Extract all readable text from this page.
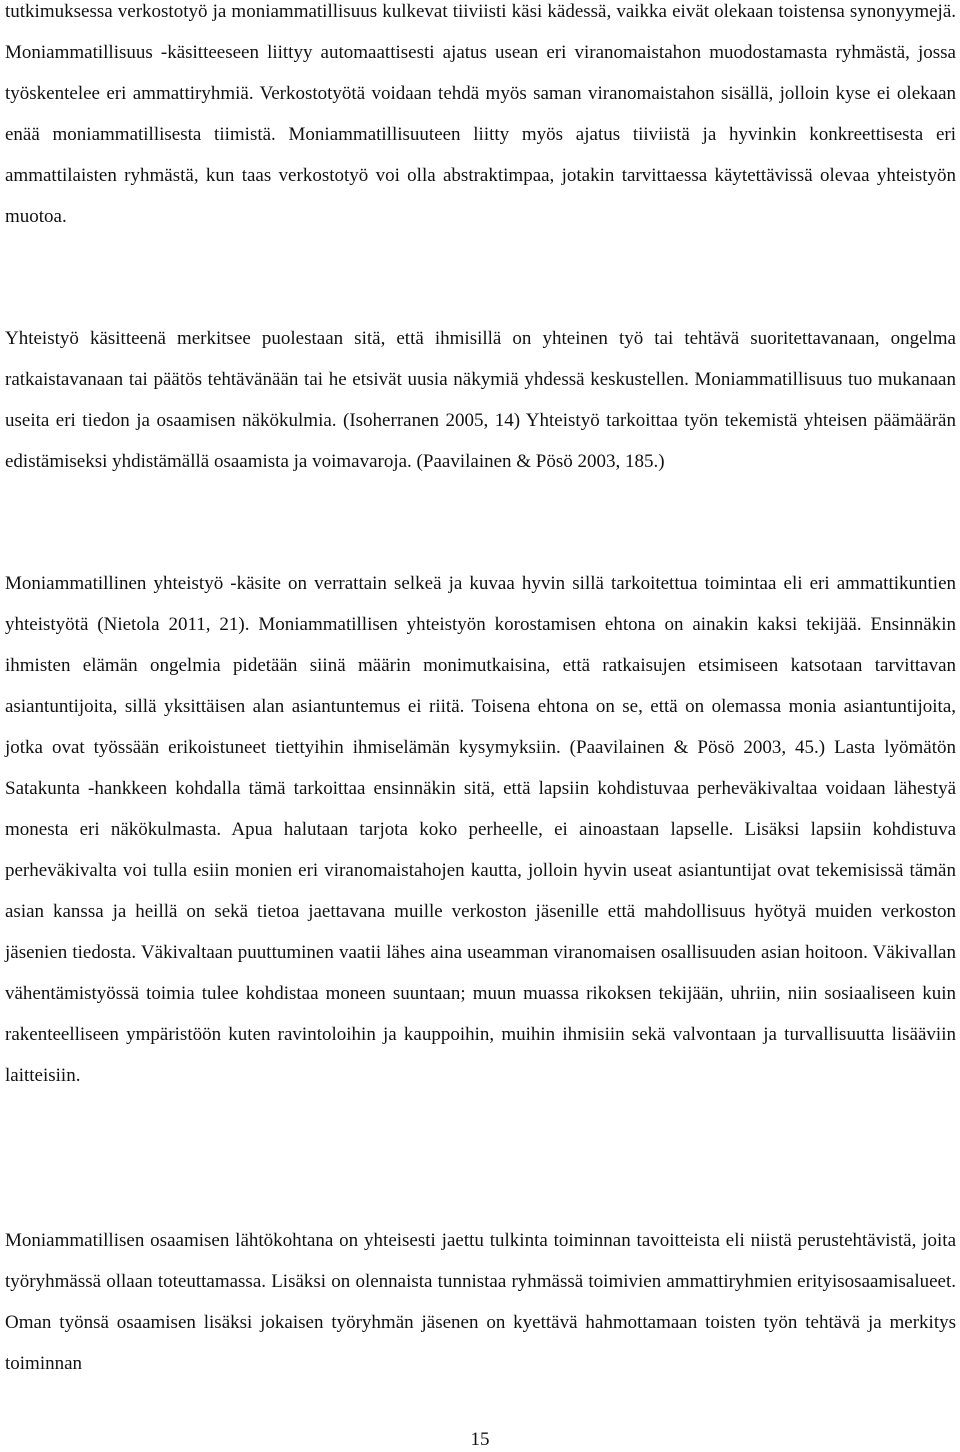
tutkimuksessa verkostotyö ja moniammatillisuus kulkevat tiiviisti käsi kädessä, vaikka eivät olekaan toistensa synonyymejä. Moniammatillisuus -käsitteeseen liittyy automaattisesti ajatus usean eri viranomaistahon muodostamasta ryhmästä, jossa työskentelee eri ammattiryhmiä. Verkostotyötä voidaan tehdä myös saman viranomaistahon sisällä, jolloin kyse ei olekaan enää moniammatillisesta tiimistä. Moniammatillisuuteen liitty myös ajatus tiiviistä ja hyvinkin konkreettisesta eri ammattilaisten ryhmästä, kun taas verkostotyö voi olla abstraktimpaa, jotakin tarvittaessa käytettävissä olevaa yhteistyön muotoa.

Yhteistyö käsitteenä merkitsee puolestaan sitä, että ihmisillä on yhteinen työ tai tehtävä suoritettavanaan, ongelma ratkaistavanaan tai päätös tehtävänään tai he etsivät uusia näkymiä yhdessä keskustellen. Moniammatillisuus tuo mukanaan useita eri tiedon ja osaamisen näkökulmia. (Isoherranen 2005, 14) Yhteistyö tarkoittaa työn tekemistä yhteisen päämäärän edistämiseksi yhdistämällä osaamista ja voimavaroja. (Paavilainen & Pösö 2003, 185.)

Moniammatillinen yhteistyö -käsite on verrattain selkeä ja kuvaa hyvin sillä tarkoitettua toimintaa eli eri ammattikuntien yhteistyötä (Nietola 2011, 21). Moniammatillisen yhteistyön korostamisen ehtona on ainakin kaksi tekijää. Ensinnäkin ihmisten elämän ongelmia pidetään siinä määrin monimutkaisina, että ratkaisujen etsimiseen katsotaan tarvittavan asiantuntijoita, sillä yksittäisen alan asiantuntemus ei riitä. Toisena ehtona on se, että on olemassa monia asiantuntijoita, jotka ovat työssään erikoistuneet tiettyihin ihmiselämän kysymyksiin. (Paavilainen & Pösö 2003, 45.) Lasta lyömätön Satakunta -hankkeen kohdalla tämä tarkoittaa ensinnäkin sitä, että lapsiin kohdistuvaa perheväkivaltaa voidaan lähestyä monesta eri näkökulmasta. Apua halutaan tarjota koko perheelle, ei ainoastaan lapselle. Lisäksi lapsiin kohdistuva perheväkivalta voi tulla esiin monien eri viranomaistahojen kautta, jolloin hyvin useat asiantuntijat ovat tekemisissä tämän asian kanssa ja heillä on sekä tietoa jaettavana muille verkoston jäsenille että mahdollisuus hyötyä muiden verkoston jäsenien tiedosta. Väkivaltaan puuttuminen vaatii lähes aina useamman viranomaisen osallisuuden asian hoitoon. Väkivallan vähentämistyössä toimia tulee kohdistaa moneen suuntaan; muun muassa rikoksen tekijään, uhriin, niin sosiaaliseen kuin rakenteelliseen ympäristöön kuten ravintoloihin ja kauppoihin, muihin ihmisiin sekä valvontaan ja turvallisuutta lisääviin laitteisiin.

Moniammatillisen osaamisen lähtökohtana on yhteisesti jaettu tulkinta toiminnan tavoitteista eli niistä perustehtävistä, joita työryhmässä ollaan toteuttamassa. Lisäksi on olennaista tunnistaa ryhmässä toimivien ammattiryhmien erityisosaamisalueet. Oman työnsä osaamisen lisäksi jokaisen työryhmän jäsenen on kyettävä hahmottamaan toisten työn tehtävä ja merkitys toiminnan

15
